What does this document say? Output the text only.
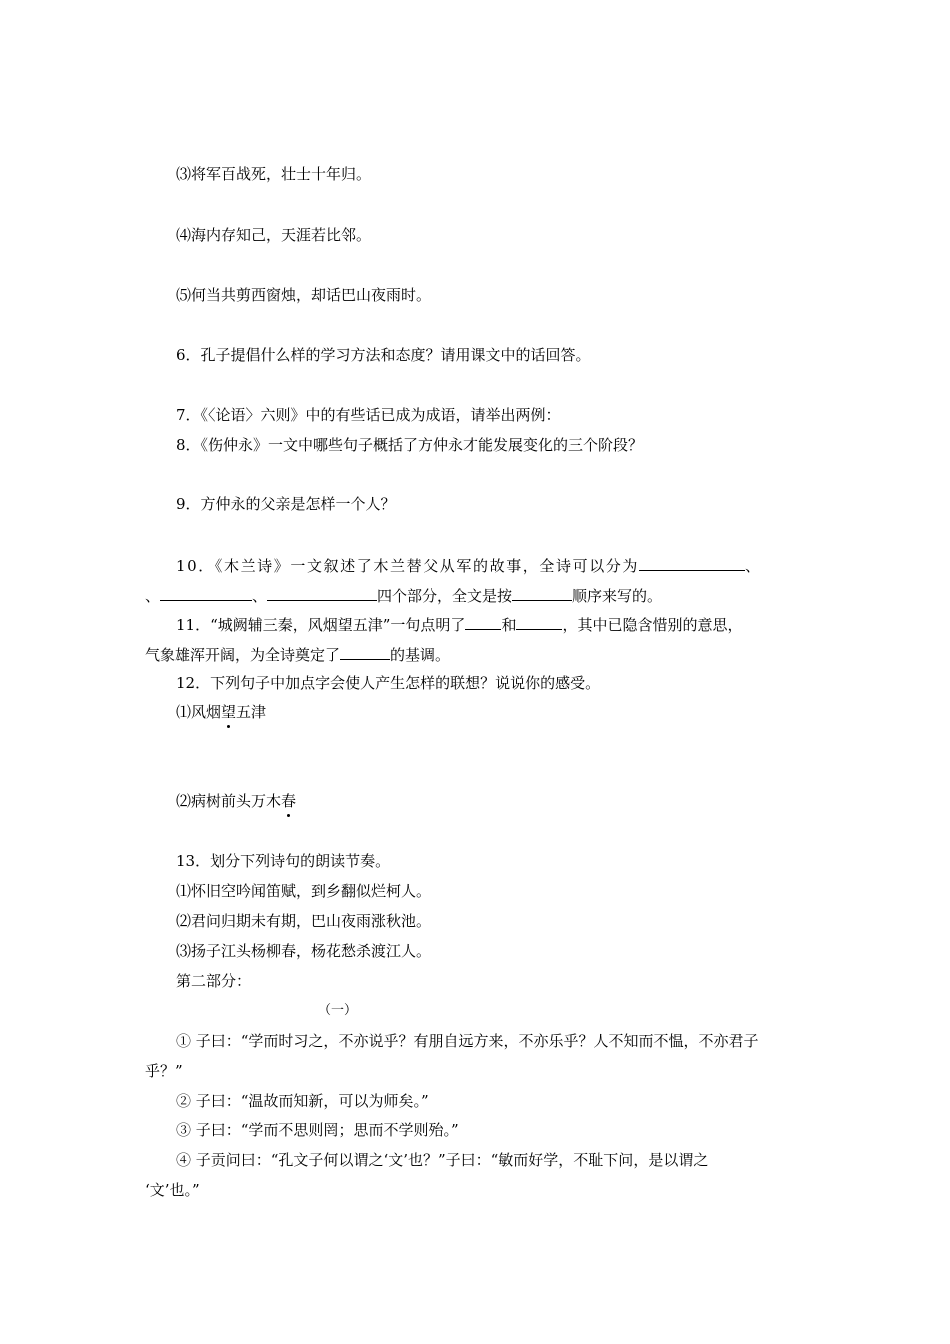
⑶将军百战死，壮士十年归。
⑷海内存知己，天涯若比邻。
⑸何当共剪西窗烛，却话巴山夜雨时。
6．孔子提倡什么样的学习方法和态度？请用课文中的话回答。
7．《〈论语〉六则》中的有些话已成为成语，请举出两例：
8．《伤仲永》一文中哪些句子概括了方仲永才能发展变化的三个阶段？
9．方仲永的父亲是怎样一个人？
10．《木兰诗》一文叙述了木兰替父从军的故事，全诗可以分为	、
、	、	四个部分，全文是按	顺序来写的。
11．“城阙辅三秦，风烟望五津”一句点明了 和	，其中已隐含惜别的意思，
气象雄浑开阔，为全诗奠定了	的基调。
12．下列句子中加点字会使人产生怎样的联想？说说你的感受。
⑴风烟望五津
⑵病树前头万木春
13．划分下列诗句的朗读节奏。
⑴怀旧空吟闻笛赋，到乡翻似烂柯人。
⑵君问归期未有期，巴山夜雨涨秋池。
⑶扬子江头杨柳春，杨花愁杀渡江人。
第二部分：
（一）
① 子曰：“学而时习之，不亦说乎？有朋自远方来，不亦乐乎？人不知而不愠，不亦君子
乎？”
② 子曰：“温故而知新，可以为师矣。”
③ 子曰：“学而不思则罔；思而不学则殆。”
④ 子贡问曰：“孔文子何以谓之‘文’也？”子曰：“敏而好学，不耻下问，是以谓之
‘文’也。”
